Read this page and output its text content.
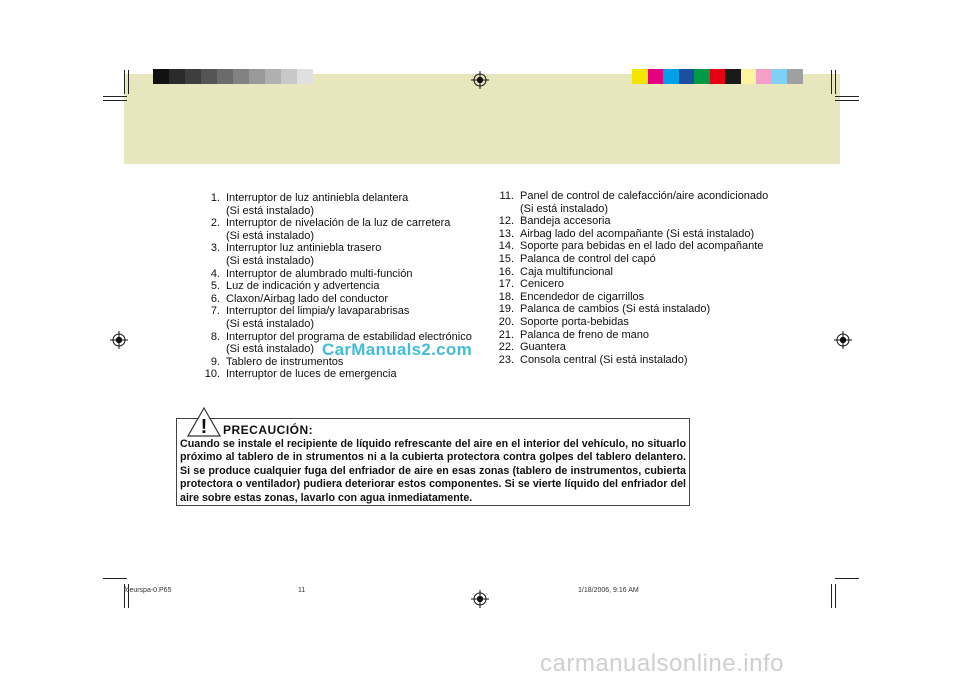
1. Interruptor de luz antiniebla delantera
(Si está instalado)
2. Interruptor de nivelación de la luz de carretera
(Si está instalado)
3. Interruptor luz antiniebla trasero
(Si está instalado)
4. Interruptor de alumbrado multi-función
5. Luz de indicación y advertencia
6. Claxon/Airbag lado del conductor
7. Interruptor del limpia/y lavaparabrisas
(Si está instalado)
8. Interruptor del programa de estabilidad electrónico
(Si está instalado)
9. Tablero de instrumentos
10. Interruptor de luces de emergencia
11. Panel de control de calefacción/aire acondicionado
(Si está instalado)
12. Bandeja accesoria
13. Airbag lado del acompañante (Si está instalado)
14. Soporte para bebidas en el lado del acompañante
15. Palanca de control del capó
16. Caja multifuncional
17. Cenicero
18. Encendedor de cigarrillos
19. Palanca de cambios (Si está instalado)
20. Soporte porta-bebidas
21. Palanca de freno de mano
22. Guantera
23. Consola central (Si está instalado)
CarManuals2.com
! PRECAUCIÓN:
Cuando se instale el recipiente de líquido refrescante del aire en el interior del vehículo, no situarlo próximo al tablero de in strumentos ni a la cubierta protectora contra golpes del tablero delantero. Si se produce cualquier fuga del enfriador de aire en esas zonas (tablero de instrumentos, cubierta protectora o ventilador) pudiera deteriorar estos componentes. Si se vierte líquido del enfriador del aire sobre estas zonas, lavarlo con agua inmediatamente.
fceurspa-0.P65	11	1/18/2006, 9:16 AM
carmanualsonline.info
